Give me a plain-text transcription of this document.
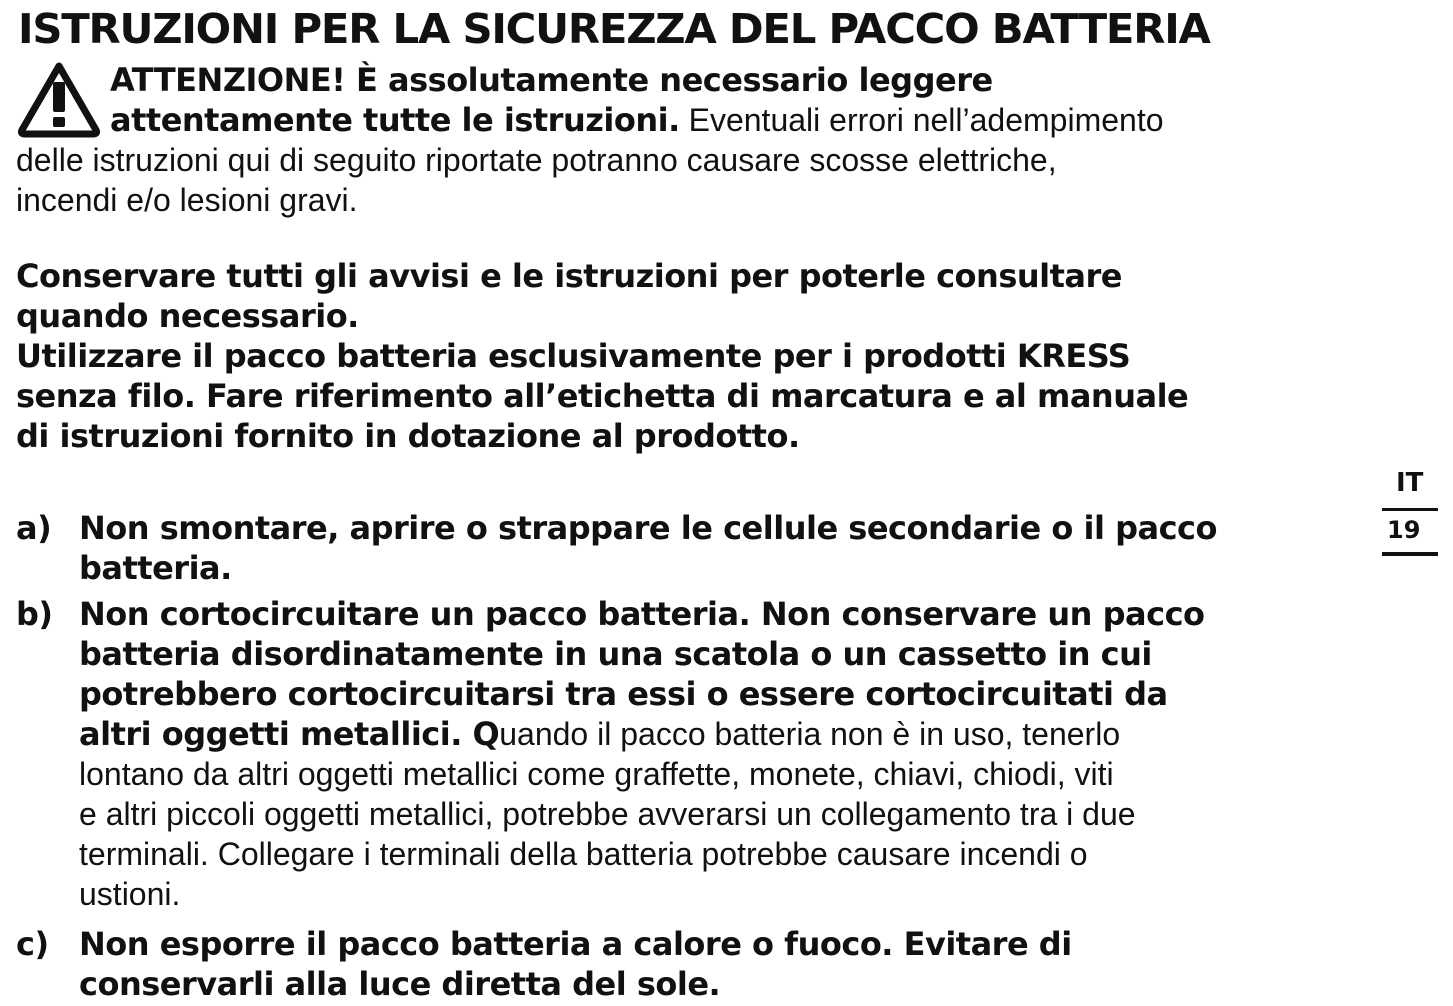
ISTRUZIONI PER LA SICUREZZA DEL PACCO BATTERIA
ATTENZIONE! È assolutamente necessario leggere
attentamente tutte le istruzioni. Eventuali errori nell’adempimento
delle istruzioni qui di seguito riportate potranno causare scosse elettriche,
incendi e/o lesioni gravi.
Conservare tutti gli avvisi e le istruzioni per poterle consultare
quando necessario.
Utilizzare il pacco batteria esclusivamente per i prodotti KRESS
senza filo. Fare riferimento all’etichetta di marcatura e al manuale
di istruzioni fornito in dotazione al prodotto.
a) Non smontare, aprire o strappare le cellule secondarie o il pacco
batteria.
b) Non cortocircuitare un pacco batteria. Non conservare un pacco
batteria disordinatamente in una scatola o un cassetto in cui
potrebbero cortocircuitarsi tra essi o essere cortocircuitati da
altri oggetti metallici. Quando il pacco batteria non è in uso, tenerlo
lontano da altri oggetti metallici come graffette, monete, chiavi, chiodi, viti
e altri piccoli oggetti metallici, potrebbe avverarsi un collegamento tra i due
terminali. Collegare i terminali della batteria potrebbe causare incendi o
ustioni.
c) Non esporre il pacco batteria a calore o fuoco. Evitare di
conservarli alla luce diretta del sole.
IT
19
